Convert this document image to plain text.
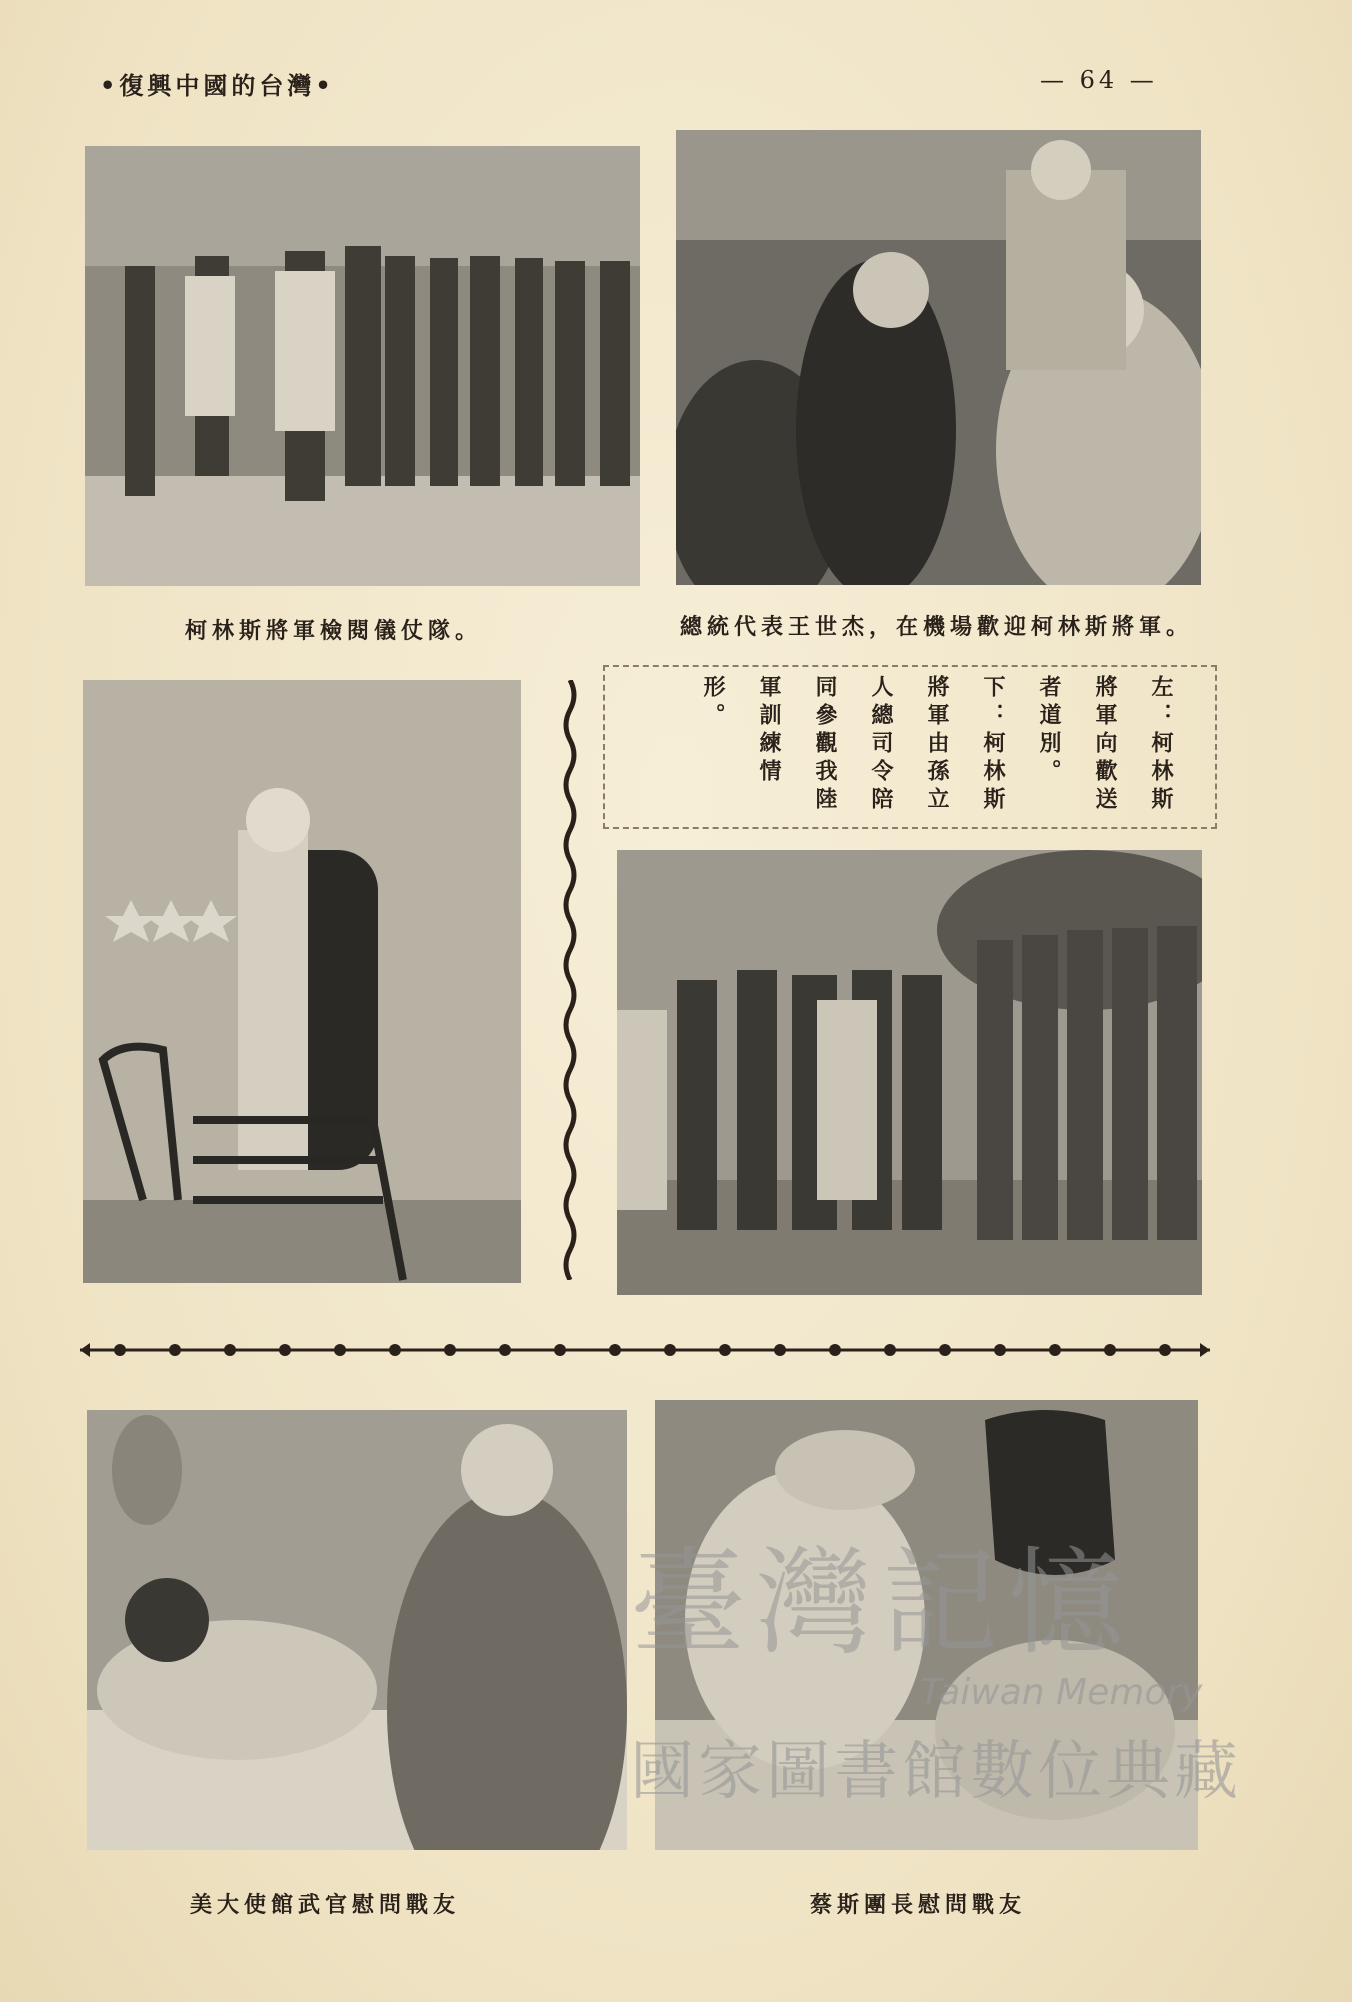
•灣台的國中興復•	— 64 —
。隊仗儀閱檢軍將斯林柯	。軍將斯林柯迎歡場機在，杰世王表代統總
左：柯林斯將軍向歡送者道別。下：柯林斯將軍由孫立人總司令陪同參觀我陸軍訓練情形。
友戰問慰官武館使大美	友戰問慰長團斯蔡
臺灣記憶
Taiwan Memory
國家圖書館數位典藏
